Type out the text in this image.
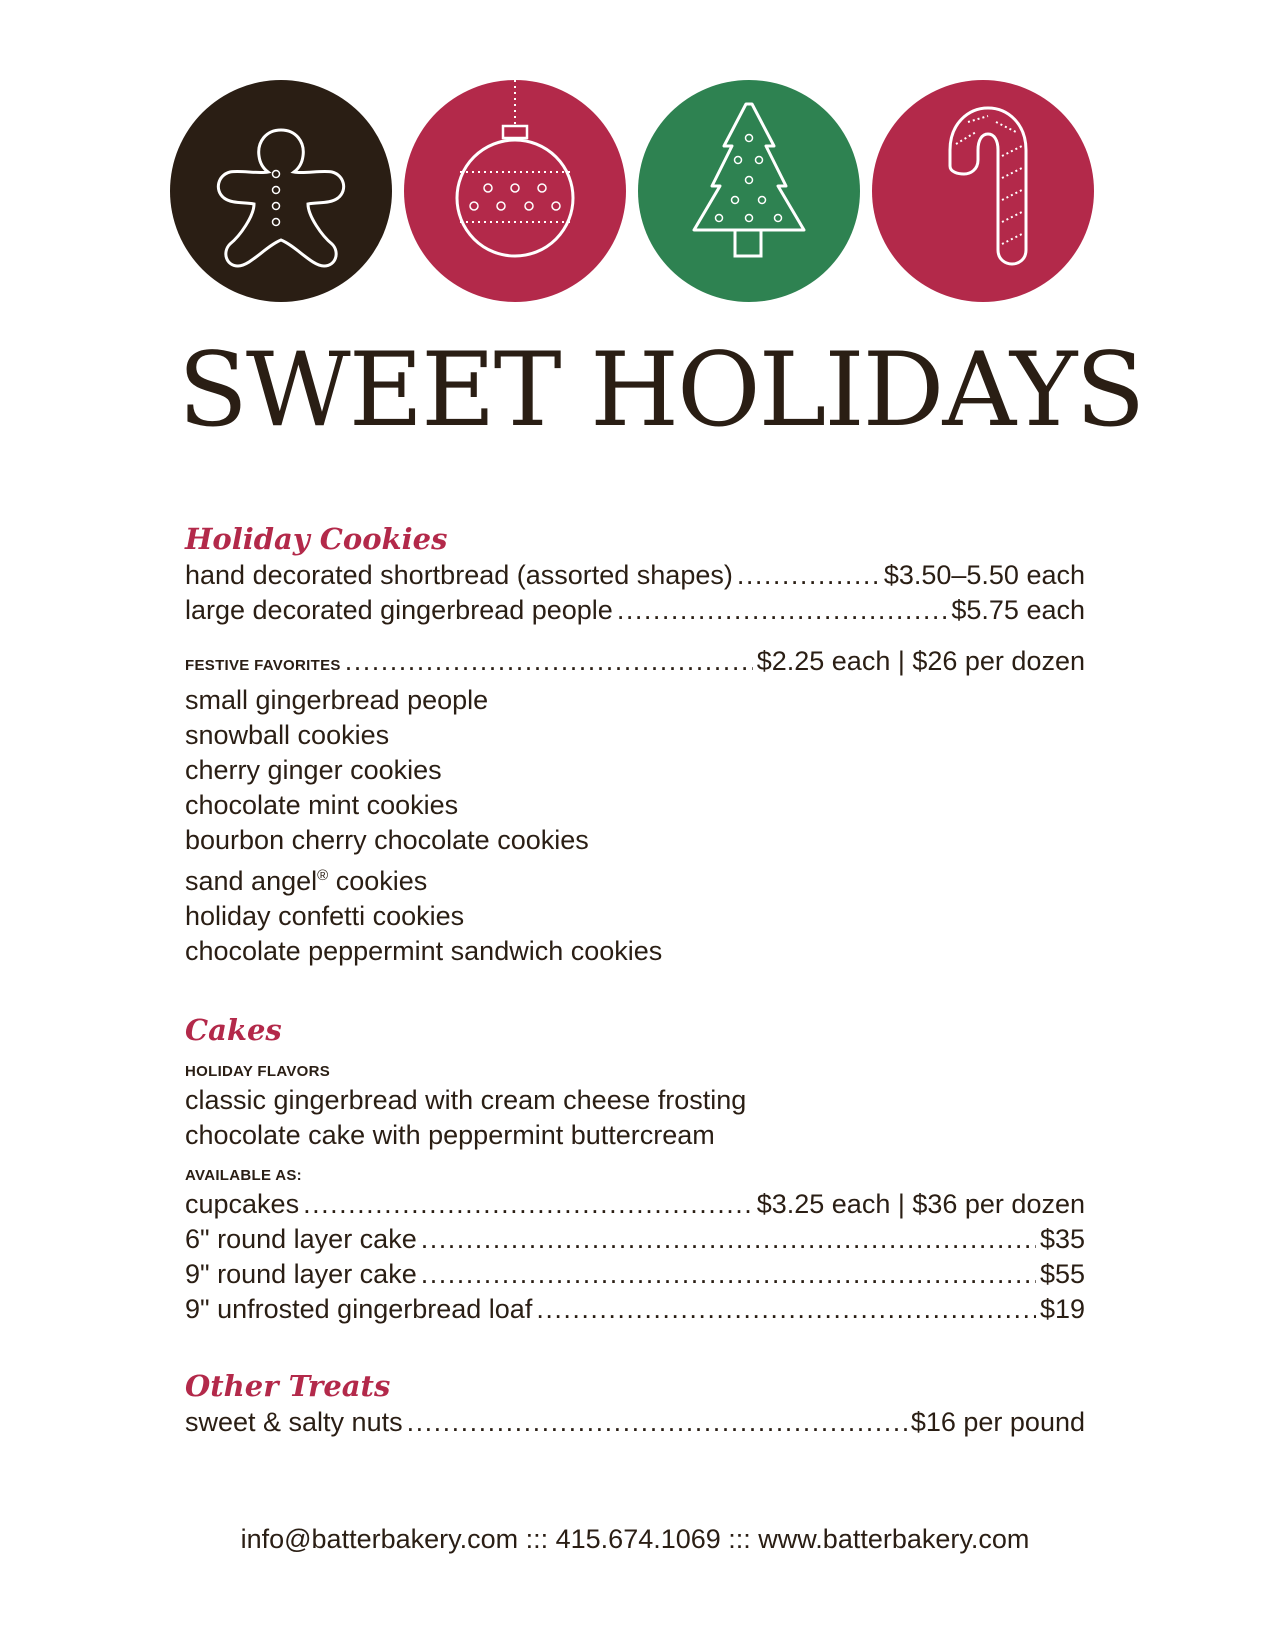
SWEET HOLIDAYS
Holiday Cookies
hand decorated shortbread (assorted shapes) . . .	$3.50–5.50 each
large decorated gingerbread people . . .	$5.75 each
FESTIVE FAVORITES . . .	$2.25 each | $26 per dozen

small gingerbread people

snowball cookies

cherry ginger cookies

chocolate mint cookies

bourbon cherry chocolate cookies

sand angel® cookies

holiday confetti cookies

chocolate peppermint sandwich cookies

Cakes

HOLIDAY FLAVORS

classic gingerbread with cream cheese frosting

chocolate cake with peppermint buttercream

AVAILABLE AS:

cupcakes . . .	$3.25 each | $36 per dozen
6" round layer cake . . .	$35
9" round layer cake . . .	$55
9" unfrosted gingerbread loaf . . .	$19
Other Treats
sweet & salty nuts . . .	$16 per pound
info@batterbakery.com ::: 415.674.1069 ::: www.batterbakery.com
